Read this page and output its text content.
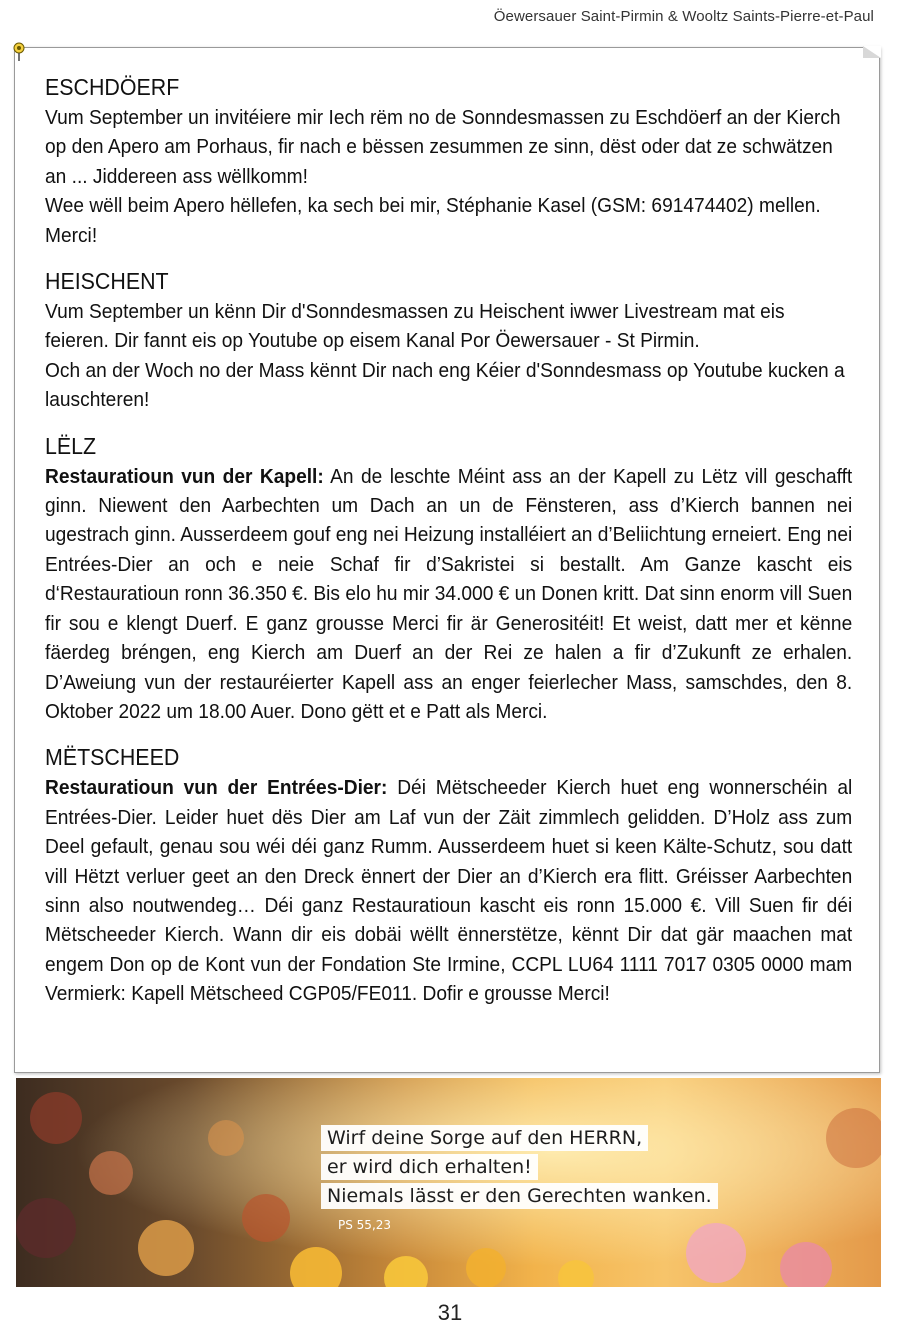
Öewersauer Saint-Pirmin & Wooltz Saints-Pierre-et-Paul
ESCHDÖERF

Vum September un invitéiere mir Iech rëm no de Sonndesmassen zu Eschdöerf an der Kierch op den Apero am Porhaus, fir nach e bëssen zesummen ze sinn, dëst oder dat ze schwätzen an ... Jiddereen ass wëllkomm!

Wee wëll beim Apero hëllefen, ka sech bei mir, Stéphanie Kasel (GSM: 691474402) mellen. Merci!

HEISCHENT

Vum September un kënn Dir d'Sonndesmassen zu Heischent iwwer Livestream mat eis feieren. Dir fannt eis op Youtube op eisem Kanal Por Öewersauer - St Pirmin.

Och an der Woch no der Mass kënnt Dir nach eng Kéier d'Sonndesmass op Youtube kucken a lauschteren!

LËLZ

Restauratioun vun der Kapell: An de leschte Méint ass an der Kapell zu Lëtz vill geschafft ginn. Niewent den Aarbechten um Dach an un de Fënsteren, ass d’Kierch bannen nei ugestrach ginn. Ausserdeem gouf eng nei Heizung installéiert an d’Beliichtung erneiert. Eng nei Entrées-Dier an och e neie Schaf fir d’Sakristei si bestallt. Am Ganze kascht eis d‘Restauratioun ronn 36.350 €. Bis elo hu mir 34.000 € un Donen kritt. Dat sinn enorm vill Suen fir sou e klengt Duerf. E ganz grousse Merci fir är Generositéit! Et weist, datt mer et kënne fäerdeg bréngen, eng Kierch am Duerf an der Rei ze halen a fir d’Zukunft ze erhalen. D’Aweiung vun der restauréierter Kapell ass an enger feierlecher Mass, samschdes, den 8. Oktober 2022 um 18.00 Auer. Dono gëtt et e Patt als Merci.

MËTSCHEED

Restauratioun vun der Entrées-Dier: Déi Mëtscheeder Kierch huet eng wonnerschéin al Entrées-Dier. Leider huet dës Dier am Laf vun der Zäit zimmlech gelidden. D’Holz ass zum Deel gefault, genau sou wéi déi ganz Rumm. Ausserdeem huet si keen Kälte-Schutz, sou datt vill Hëtzt verluer geet an den Dreck ënnert der Dier an d’Kierch era flitt. Gréisser Aarbechten sinn also noutwendeg… Déi ganz Restauratioun kascht eis ronn 15.000 €. Vill Suen fir déi Mëtscheeder Kierch. Wann dir eis dobäi wëllt ënnerstëtze, kënnt Dir dat gär maachen mat engem Don op de Kont vun der Fondation Ste Irmine, CCPL LU64 1111 7017 0305 0000 mam Vermierk: Kapell Mëtscheed CGP05/FE011. Dofir e grousse Merci!

Wirf deine Sorge auf den HERRN,
er wird dich erhalten!
Niemals lässt er den Gerechten wanken.
PS 55,23
31
